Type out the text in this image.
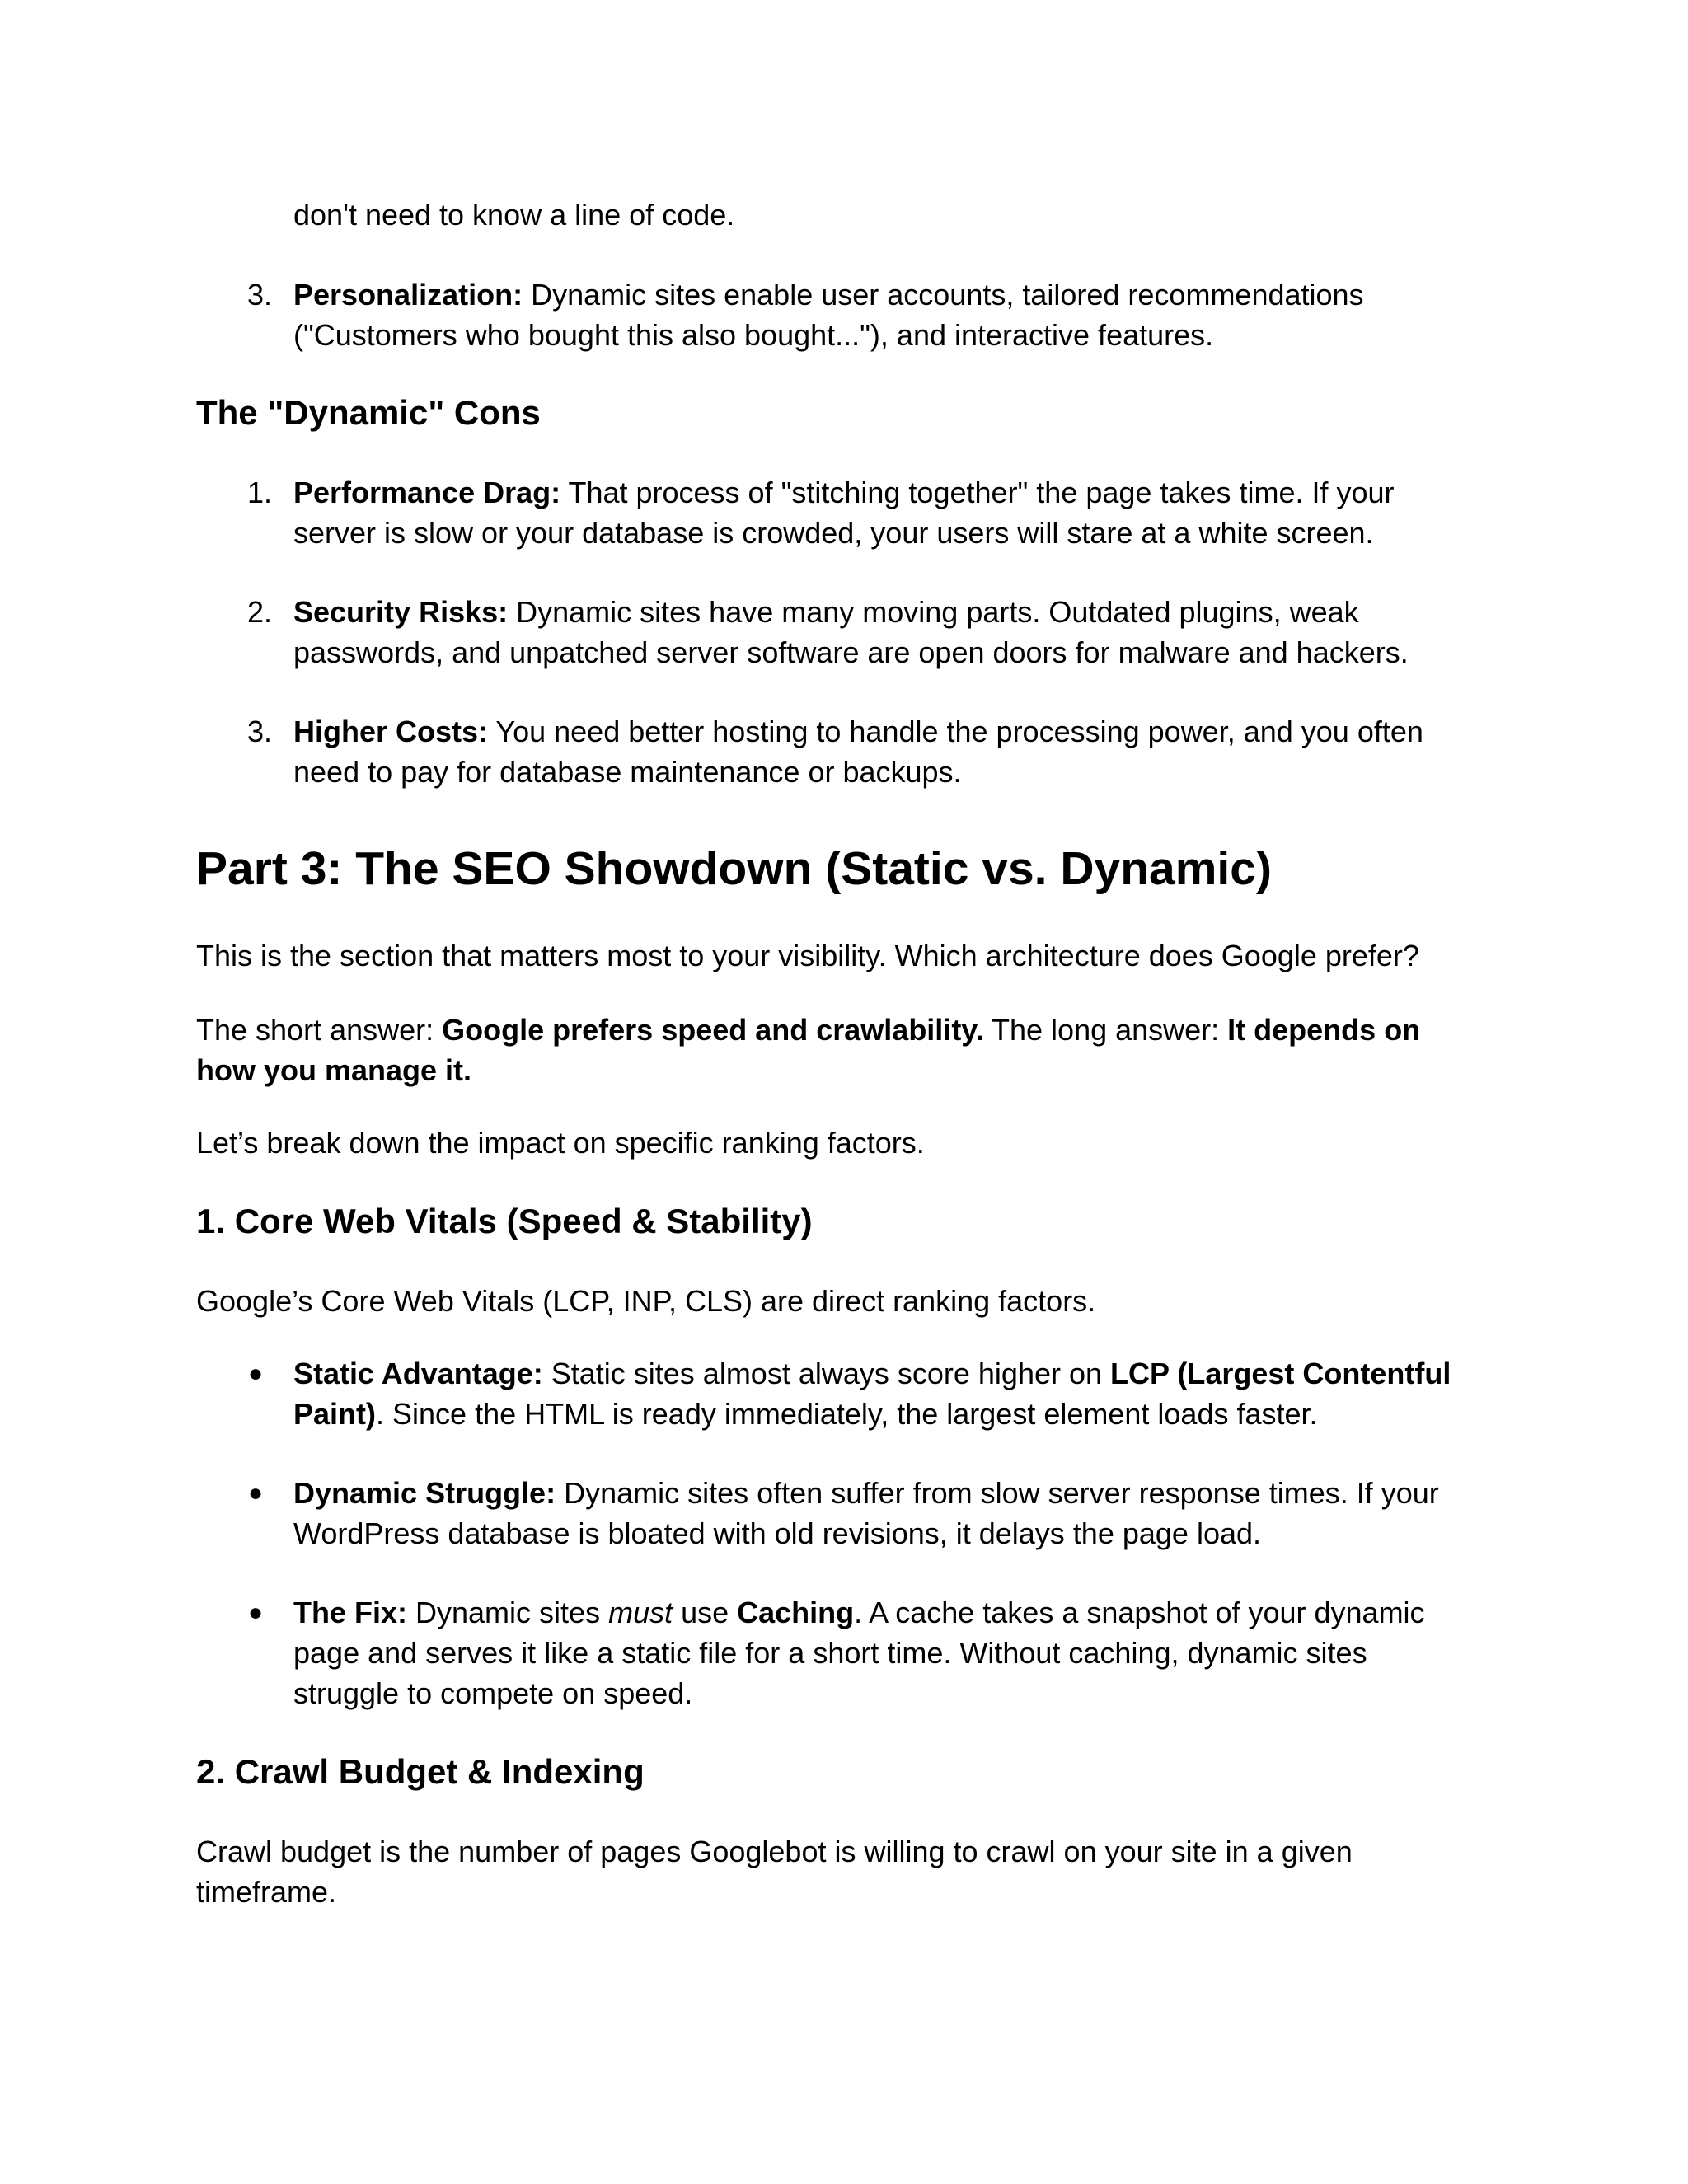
don't need to know a line of code.

3. Personalization: Dynamic sites enable user accounts, tailored recommendations

("Customers who bought this also bought..."), and interactive features.

The "Dynamic" Cons
1. Performance Drag: That process of "stitching together" the page takes time. If your

server is slow or your database is crowded, your users will stare at a white screen.

2. Security Risks: Dynamic sites have many moving parts. Outdated plugins, weak

passwords, and unpatched server software are open doors for malware and hackers.

3. Higher Costs: You need better hosting to handle the processing power, and you often

need to pay for database maintenance or backups.

Part 3: The SEO Showdown (Static vs. Dynamic)

This is the section that matters most to your visibility. Which architecture does Google prefer?

The short answer: Google prefers speed and crawlability. The long answer: It depends on

how you manage it.

Let’s break down the impact on specific ranking factors.

1. Core Web Vitals (Speed & Stability)

Google’s Core Web Vitals (LCP, INP, CLS) are direct ranking factors.

●	Static Advantage: Static sites almost always score higher on LCP (Largest Contentful

Paint). Since the HTML is ready immediately, the largest element loads faster.

●	Dynamic Struggle: Dynamic sites often suffer from slow server response times. If your

WordPress database is bloated with old revisions, it delays the page load.

●	The Fix: Dynamic sites must use Caching. A cache takes a snapshot of your dynamic

page and serves it like a static file for a short time. Without caching, dynamic sites

struggle to compete on speed.

2. Crawl Budget & Indexing

Crawl budget is the number of pages Googlebot is willing to crawl on your site in a given

timeframe.
